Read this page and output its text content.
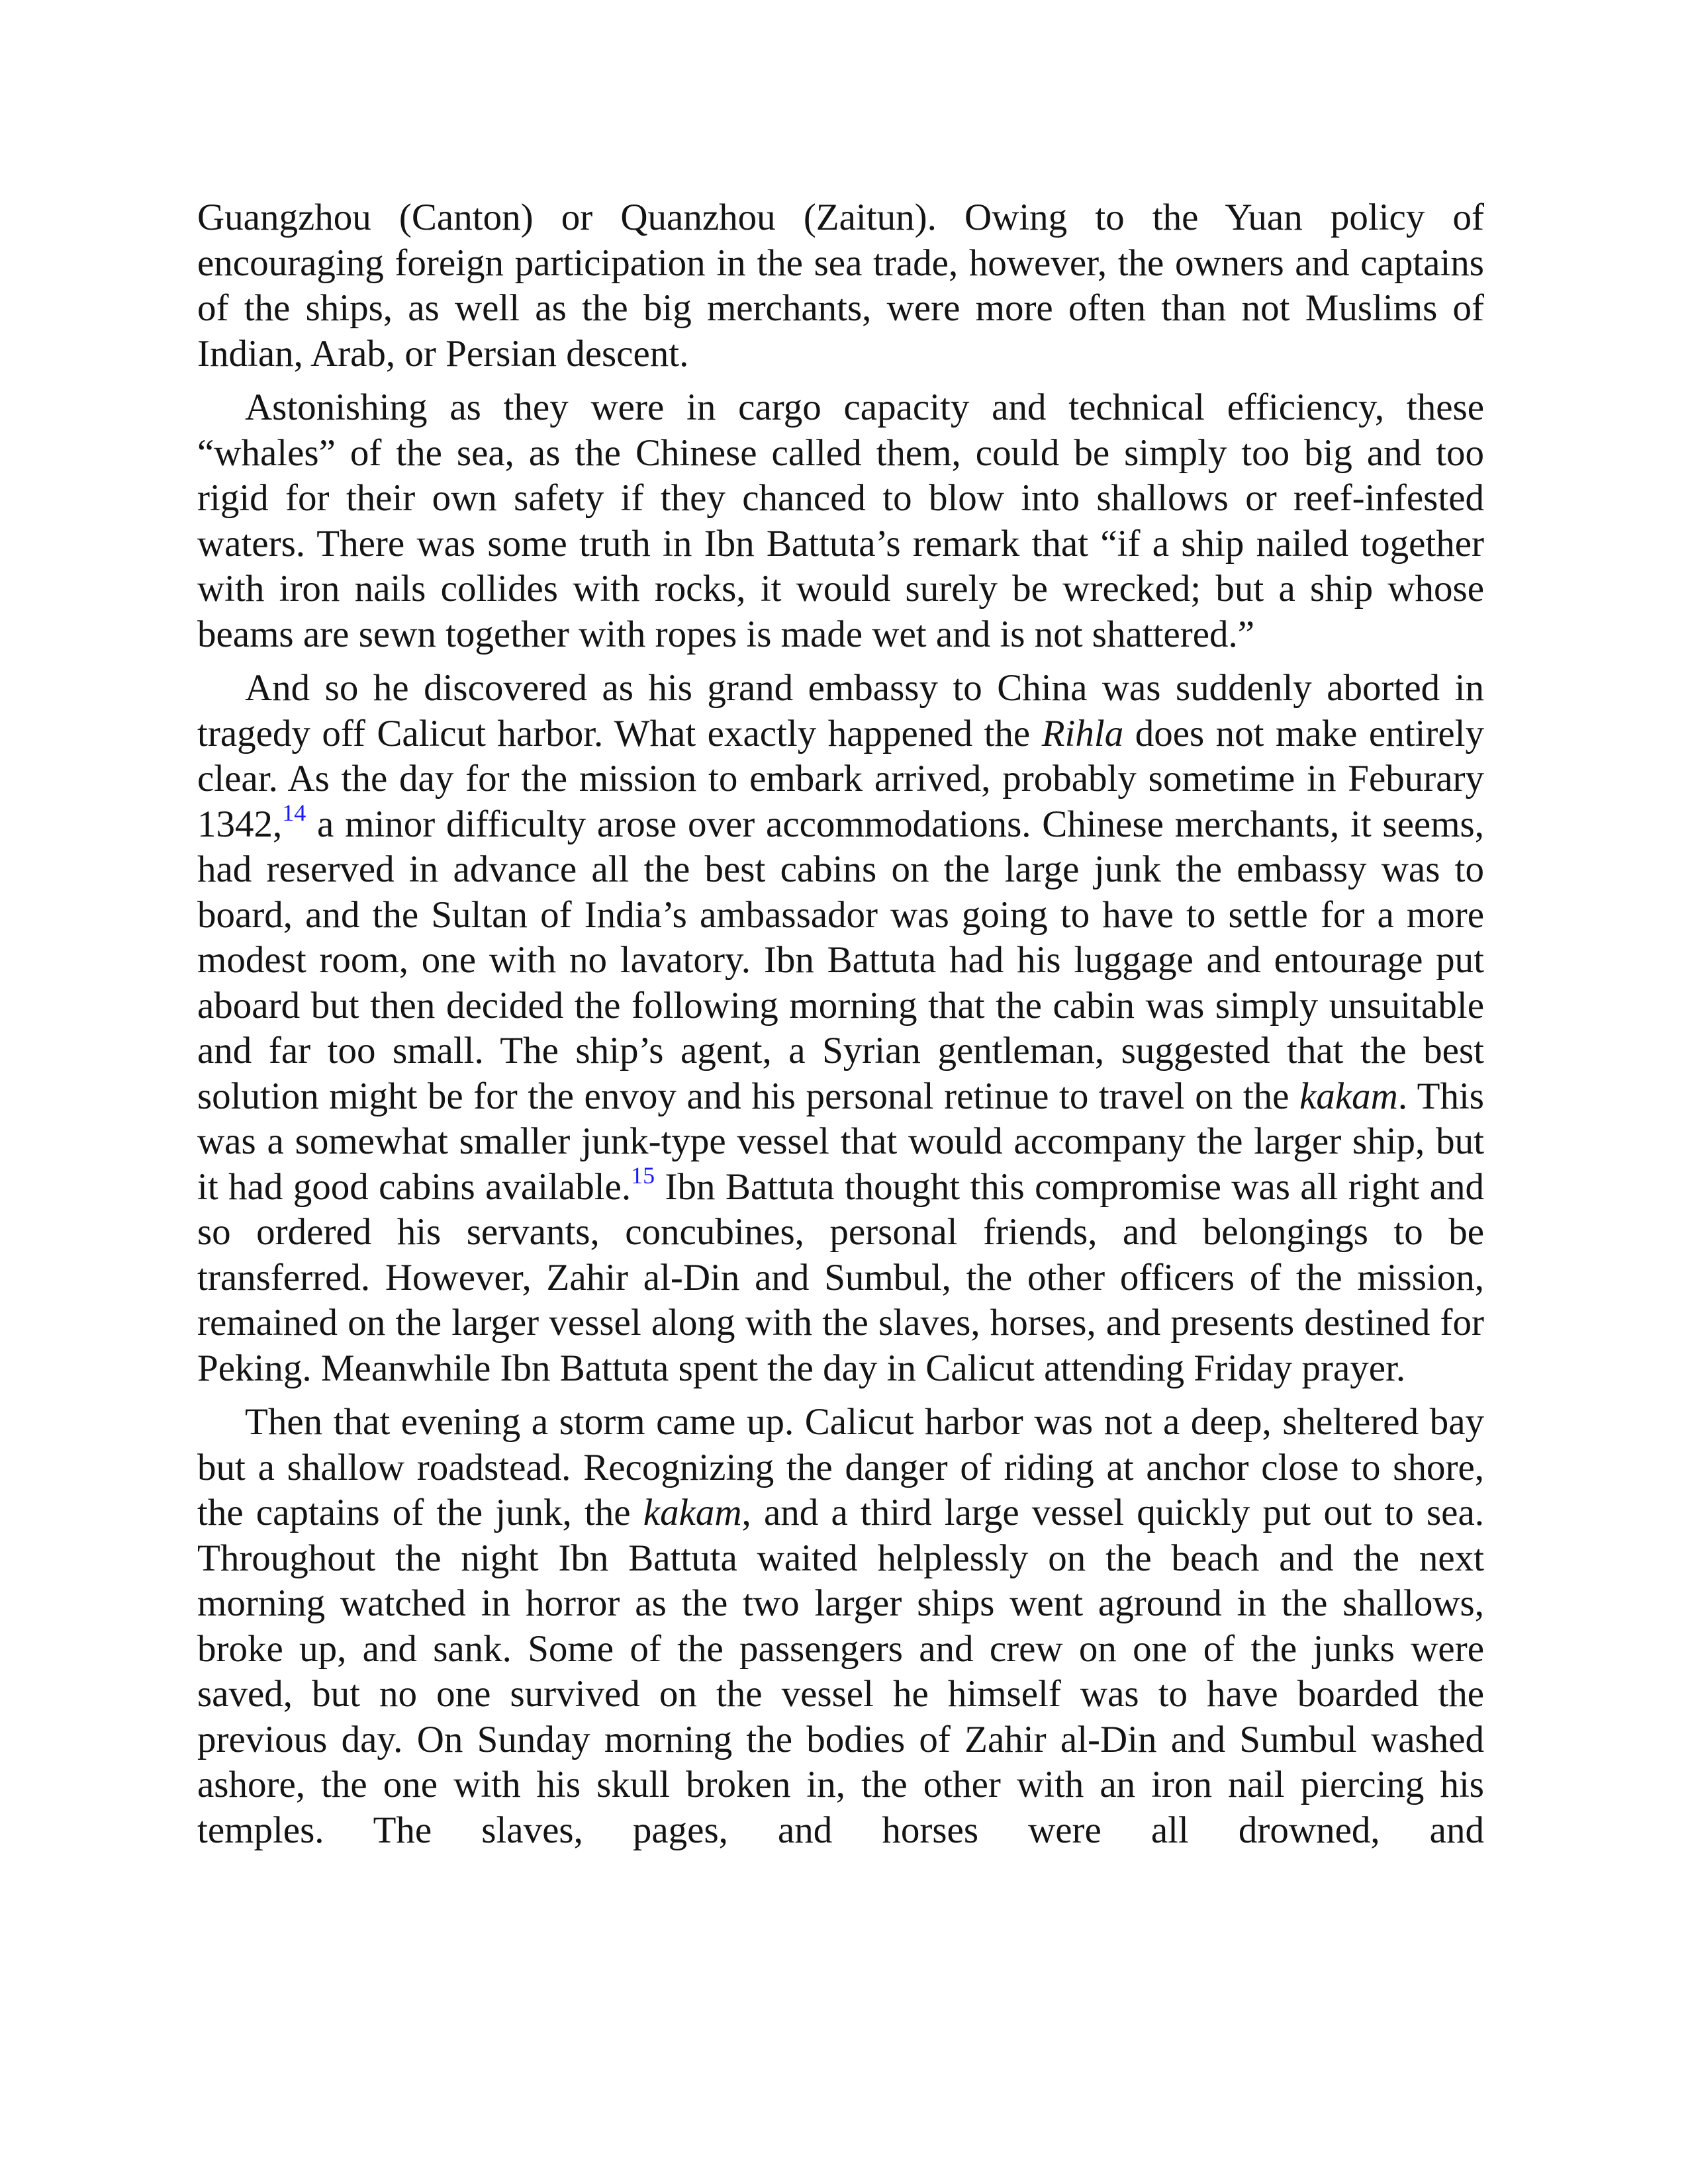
Guangzhou (Canton) or Quanzhou (Zaitun). Owing to the Yuan policy of encouraging foreign participation in the sea trade, however, the owners and captains of the ships, as well as the big merchants, were more often than not Muslims of Indian, Arab, or Persian descent.

Astonishing as they were in cargo capacity and technical efficiency, these “whales” of the sea, as the Chinese called them, could be simply too big and too rigid for their own safety if they chanced to blow into shallows or reef-infested waters. There was some truth in Ibn Battuta’s remark that “if a ship nailed together with iron nails collides with rocks, it would surely be wrecked; but a ship whose beams are sewn together with ropes is made wet and is not shattered.”

And so he discovered as his grand embassy to China was suddenly aborted in tragedy off Calicut harbor. What exactly happened the Rihla does not make entirely clear. As the day for the mission to embark arrived, probably sometime in Feburary 1342,14 a minor difficulty arose over accommodations. Chinese merchants, it seems, had reserved in advance all the best cabins on the large junk the embassy was to board, and the Sultan of India’s ambassador was going to have to settle for a more modest room, one with no lavatory. Ibn Battuta had his luggage and entourage put aboard but then decided the following morning that the cabin was simply unsuitable and far too small. The ship’s agent, a Syrian gentleman, suggested that the best solution might be for the envoy and his personal retinue to travel on the kakam. This was a somewhat smaller junk-type vessel that would accompany the larger ship, but it had good cabins available.$^{15}$ Ibn Battuta thought this compromise was all right and so ordered his servants, concubines, personal friends, and belongings to be transferred. However, Zahir al-Din and Sumbul, the other officers of the mission, remained on the larger vessel along with the slaves, horses, and presents destined for Peking. Meanwhile Ibn Battuta spent the day in Calicut attending Friday prayer.

Then that evening a storm came up. Calicut harbor was not a deep, sheltered bay but a shallow roadstead. Recognizing the danger of riding at anchor close to shore, the captains of the junk, the kakam, and a third large vessel quickly put out to sea. Throughout the night Ibn Battuta waited helplessly on the beach and the next morning watched in horror as the two larger ships went aground in the shallows, broke up, and sank. Some of the passengers and crew on one of the junks were saved, but no one survived on the vessel he himself was to have boarded the previous day. On Sunday morning the bodies of Zahir al-Din and Sumbul washed ashore, the one with his skull broken in, the other with an iron nail piercing his temples. The slaves, pages, and horses were all drowned, and
